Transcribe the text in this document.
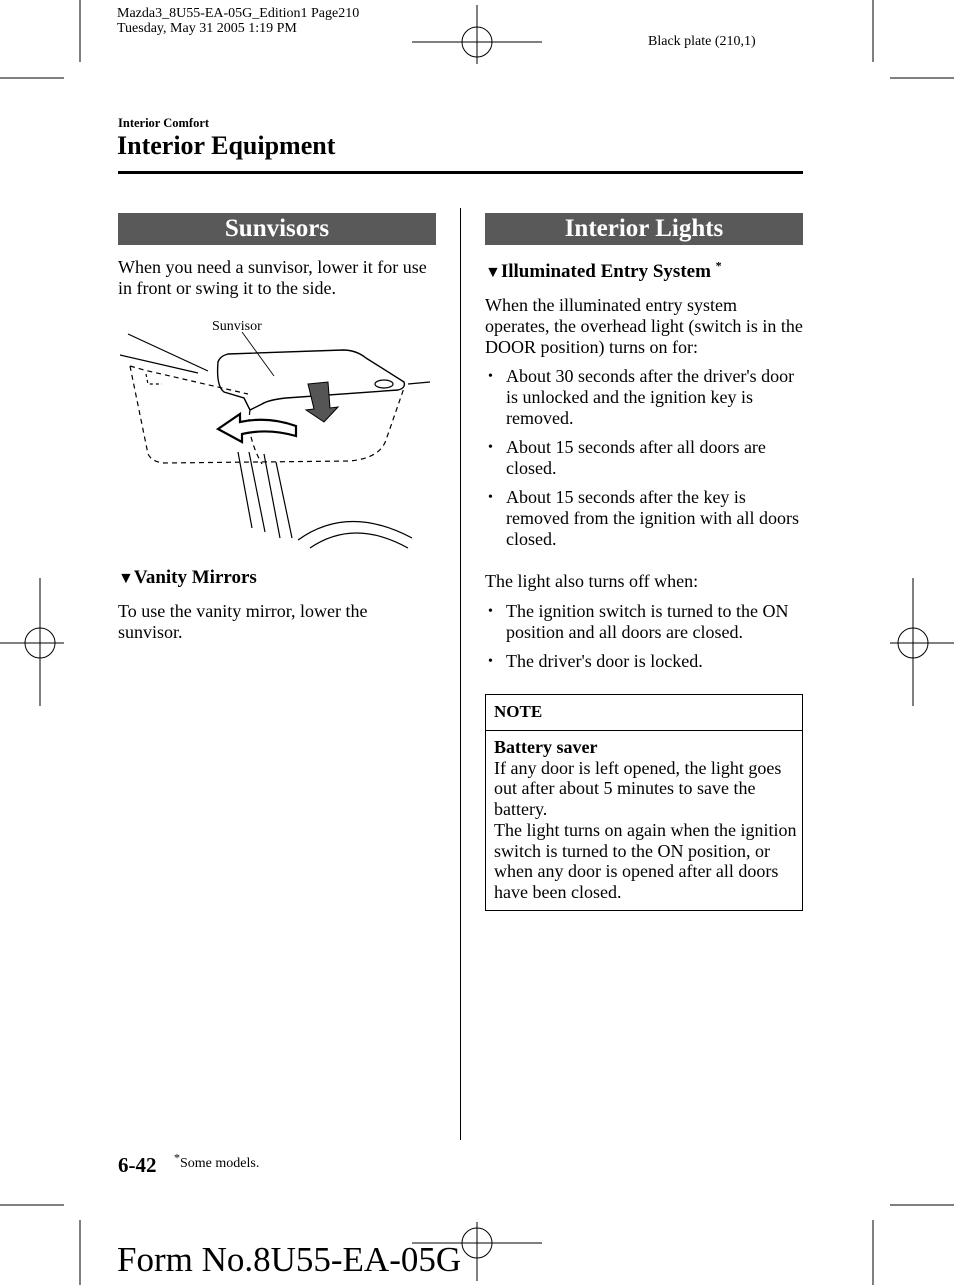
Mazda3_8U55-EA-05G_Edition1 Page210
Tuesday, May 31 2005 1:19 PM
Black plate (210,1)
Interior Comfort
Interior Equipment
Sunvisors

When you need a sunvisor, lower it for use in front or swing it to the side.

Sunvisor
▼Vanity Mirrors

To use the vanity mirror, lower the sunvisor.

Interior Lights
▼Illuminated Entry System *

When the illuminated entry system operates, the overhead light (switch is in the DOOR position) turns on for:

• About 30 seconds after the driver's door is unlocked and the ignition key is removed.
• About 15 seconds after all doors are closed.
• About 15 seconds after the key is removed from the ignition with all doors closed.

The light also turns off when:

• The ignition switch is turned to the ON position and all doors are closed.
• The driver's door is locked.
NOTE
Battery saver
If any door is left opened, the light goes out after about 5 minutes to save the battery.
The light turns on again when the ignition switch is turned to the ON position, or when any door is opened after all doors have been closed.
6-42 *Some models.
Form No.8U55-EA-05G
